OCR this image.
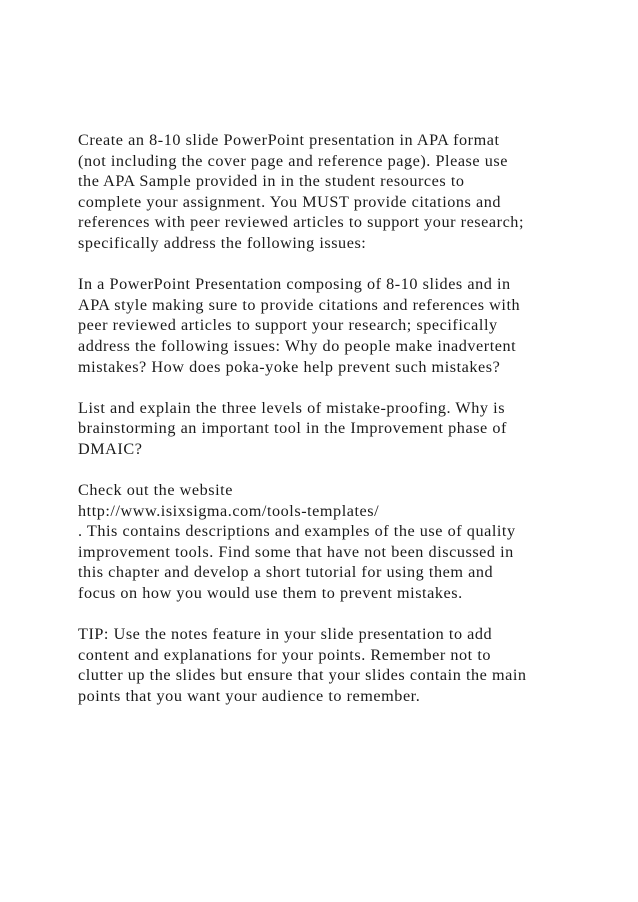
Create an 8-10 slide PowerPoint presentation in APA format
(not including the cover page and reference page). Please use
the APA Sample provided in in the student resources to
complete your assignment. You MUST provide citations and
references with peer reviewed articles to support your research;
specifically address the following issues:
In a PowerPoint Presentation composing of 8-10 slides and in
APA style making sure to provide citations and references with
peer reviewed articles to support your research; specifically
address the following issues: Why do people make inadvertent
mistakes? How does poka-yoke help prevent such mistakes?
List and explain the three levels of mistake-proofing. Why is
brainstorming an important tool in the Improvement phase of
DMAIC?
Check out the website
http://www.isixsigma.com/tools-templates/
. This contains descriptions and examples of the use of quality
improvement tools. Find some that have not been discussed in
this chapter and develop a short tutorial for using them and
focus on how you would use them to prevent mistakes.
TIP: Use the notes feature in your slide presentation to add
content and explanations for your points. Remember not to
clutter up the slides but ensure that your slides contain the main
points that you want your audience to remember.
